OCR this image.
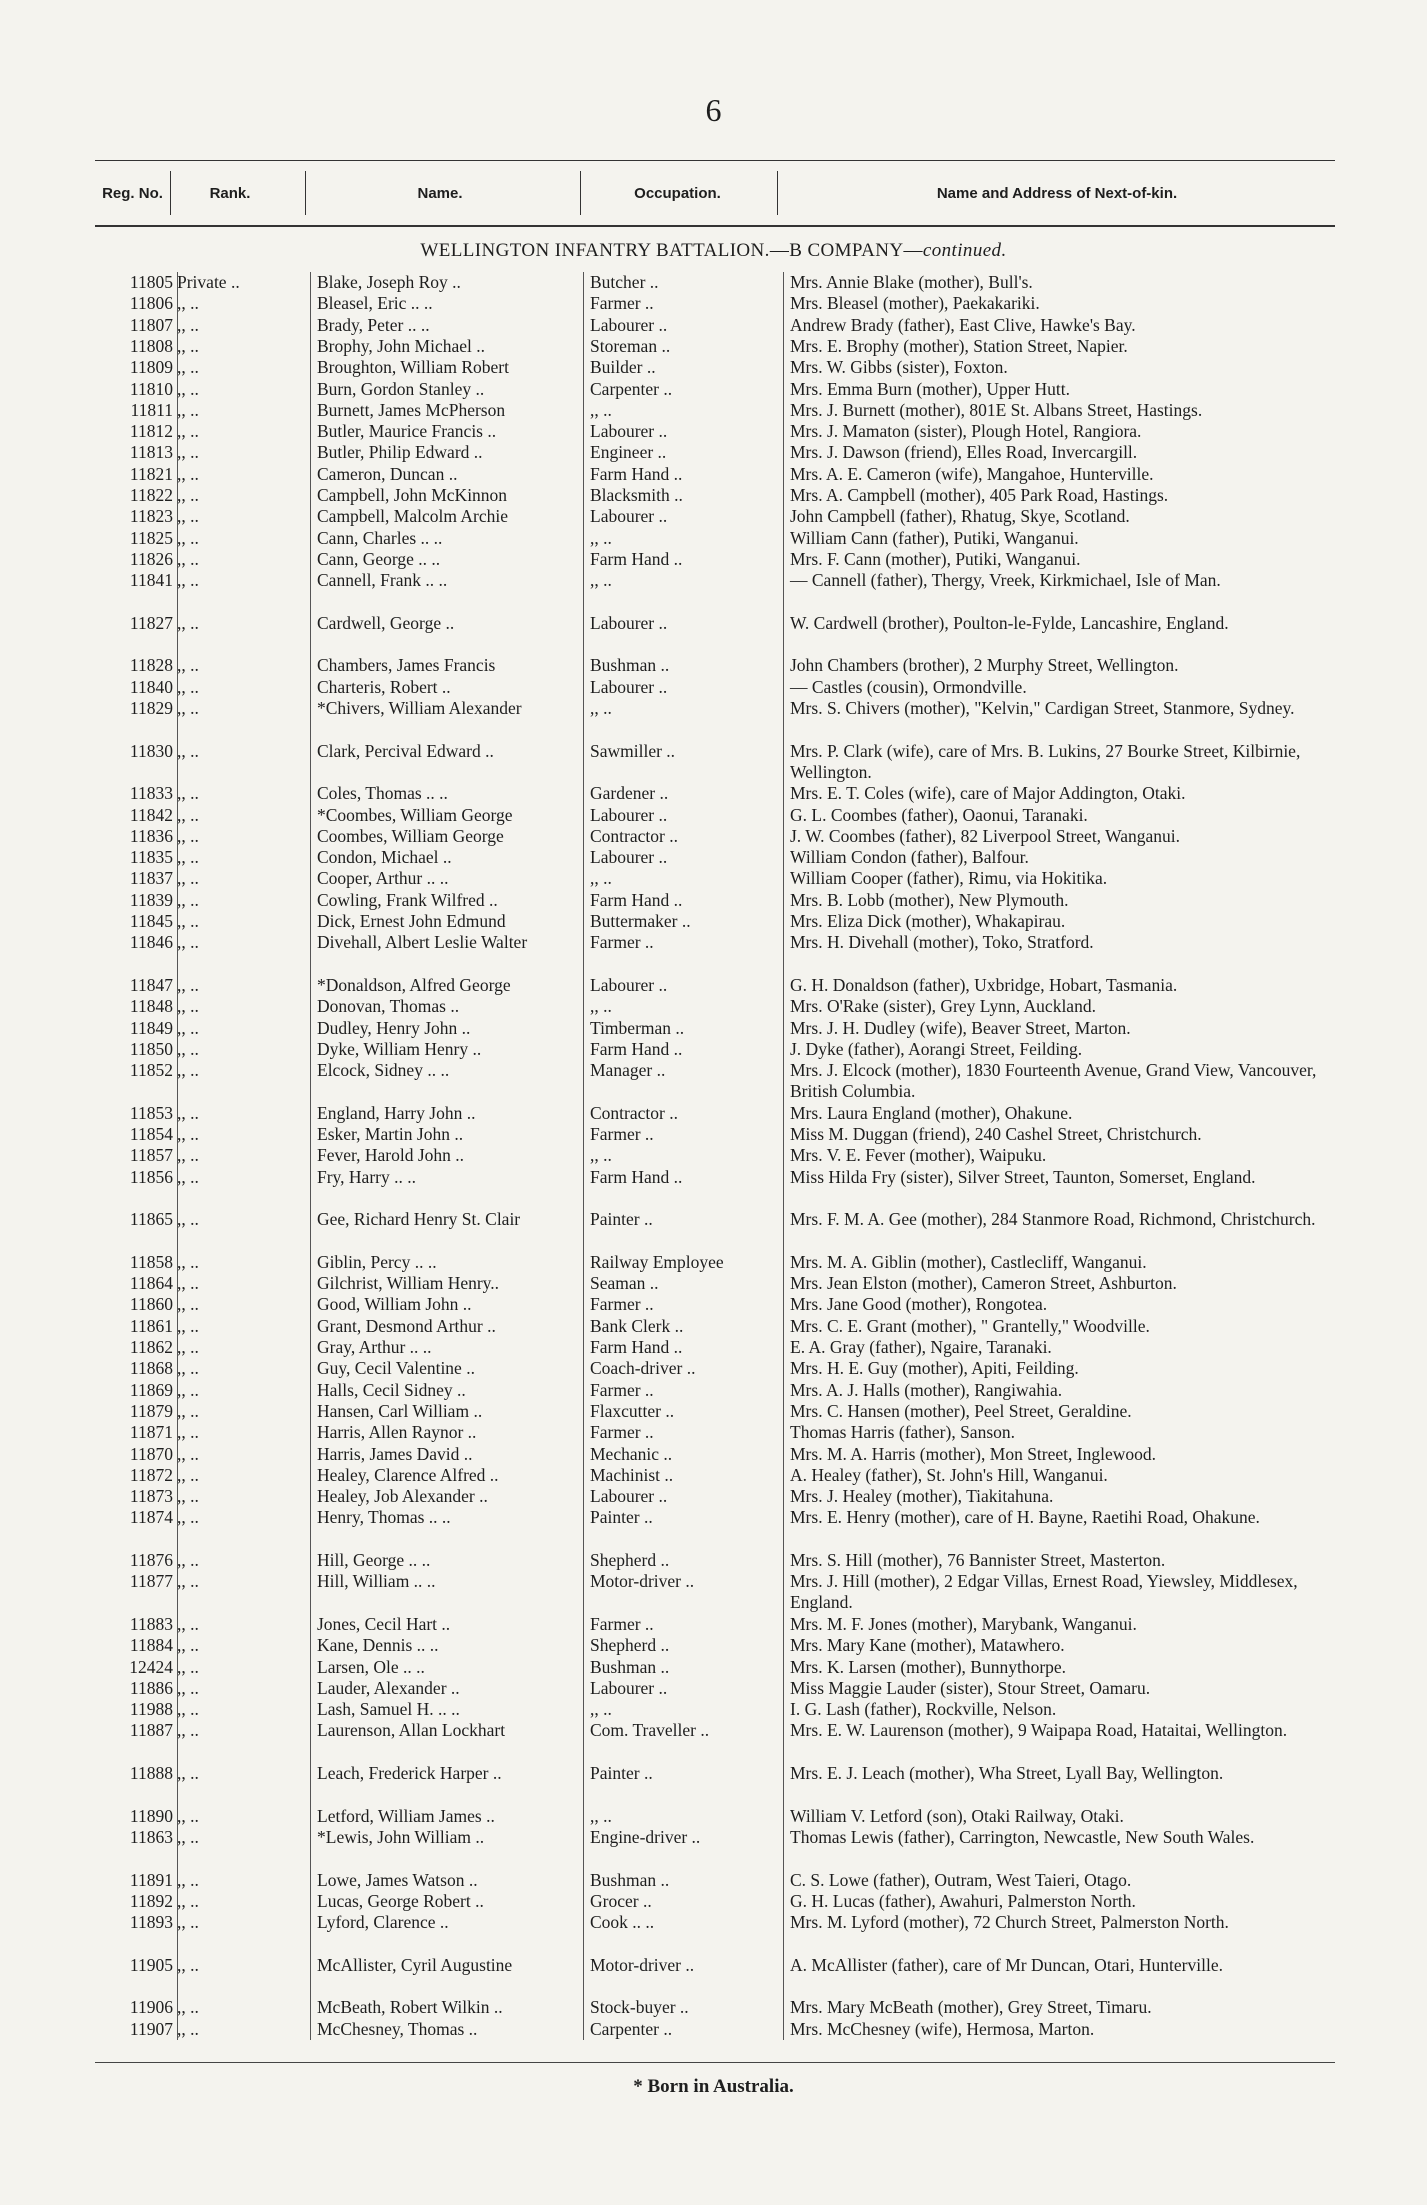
6
Reg. No.	Rank.	Name.	Occupation.	Name and Address of Next-of-kin.
WELLINGTON INFANTRY BATTALION.—B COMPANY—continued.
11805 Private ..	Blake, Joseph Roy ..	Butcher ..	Mrs. Annie Blake (mother), Bull's.
11806 ,, ..	Bleasel, Eric .. ..	Farmer ..	Mrs. Bleasel (mother), Paekakariki.
11807 ,, ..	Brady, Peter .. ..	Labourer ..	Andrew Brady (father), East Clive, Hawke's Bay.
11808 ,, ..	Brophy, John Michael ..	Storeman ..	Mrs. E. Brophy (mother), Station Street, Napier.
11809 ,, ..	Broughton, William Robert	Builder ..	Mrs. W. Gibbs (sister), Foxton.
11810 ,, ..	Burn, Gordon Stanley ..	Carpenter ..	Mrs. Emma Burn (mother), Upper Hutt.
11811 ,, ..	Burnett, James McPherson	,, ..	Mrs. J. Burnett (mother), 801E St. Albans Street, Hastings.
11812 ,, ..	Butler, Maurice Francis ..	Labourer ..	Mrs. J. Mamaton (sister), Plough Hotel, Rangiora.
11813 ,, ..	Butler, Philip Edward ..	Engineer ..	Mrs. J. Dawson (friend), Elles Road, Invercargill.
11821 ,, ..	Cameron, Duncan ..	Farm Hand ..	Mrs. A. E. Cameron (wife), Mangahoe, Hunterville.
11822 ,, ..	Campbell, John McKinnon	Blacksmith ..	Mrs. A. Campbell (mother), 405 Park Road, Hastings.
11823 ,, ..	Campbell, Malcolm Archie	Labourer ..	John Campbell (father), Rhatug, Skye, Scotland.
11825 ,, ..	Cann, Charles .. ..	,, ..	William Cann (father), Putiki, Wanganui.
11826 ,, ..	Cann, George .. ..	Farm Hand ..	Mrs. F. Cann (mother), Putiki, Wanganui.
11841 ,, ..	Cannell, Frank .. ..	,, ..	— Cannell (father), Thergy, Vreek, Kirkmichael, Isle of Man.
11827 ,, ..	Cardwell, George ..	Labourer ..	W. Cardwell (brother), Poulton-le-Fylde, Lancashire, England.
11828 ,, ..	Chambers, James Francis	Bushman ..	John Chambers (brother), 2 Murphy Street, Wellington.
11840 ,, ..	Charteris, Robert ..	Labourer ..	— Castles (cousin), Ormondville.
11829 ,, ..	*Chivers, William Alexander	,, ..	Mrs. S. Chivers (mother), "Kelvin," Cardigan Street, Stanmore, Sydney.
11830 ,, ..	Clark, Percival Edward ..	Sawmiller ..	Mrs. P. Clark (wife), care of Mrs. B. Lukins, 27 Bourke Street, Kilbirnie, Wellington.
11833 ,, ..	Coles, Thomas .. ..	Gardener ..	Mrs. E. T. Coles (wife), care of Major Addington, Otaki.
11842 ,, ..	*Coombes, William George	Labourer ..	G. L. Coombes (father), Oaonui, Taranaki.
11836 ,, ..	Coombes, William George	Contractor ..	J. W. Coombes (father), 82 Liverpool Street, Wanganui.
11835 ,, ..	Condon, Michael ..	Labourer ..	William Condon (father), Balfour.
11837 ,, ..	Cooper, Arthur .. ..	,, ..	William Cooper (father), Rimu, via Hokitika.
11839 ,, ..	Cowling, Frank Wilfred ..	Farm Hand ..	Mrs. B. Lobb (mother), New Plymouth.
11845 ,, ..	Dick, Ernest John Edmund	Buttermaker ..	Mrs. Eliza Dick (mother), Whakapirau.
11846 ,, ..	Divehall, Albert Leslie Walter	Farmer ..	Mrs. H. Divehall (mother), Toko, Stratford.
11847 ,, ..	*Donaldson, Alfred George	Labourer ..	G. H. Donaldson (father), Uxbridge, Hobart, Tasmania.
11848 ,, ..	Donovan, Thomas ..	,, ..	Mrs. O'Rake (sister), Grey Lynn, Auckland.
11849 ,, ..	Dudley, Henry John ..	Timberman ..	Mrs. J. H. Dudley (wife), Beaver Street, Marton.
11850 ,, ..	Dyke, William Henry ..	Farm Hand ..	J. Dyke (father), Aorangi Street, Feilding.
11852 ,, ..	Elcock, Sidney .. ..	Manager ..	Mrs. J. Elcock (mother), 1830 Fourteenth Avenue, Grand View, Vancouver, British Columbia.
11853 ,, ..	England, Harry John ..	Contractor ..	Mrs. Laura England (mother), Ohakune.
11854 ,, ..	Esker, Martin John ..	Farmer ..	Miss M. Duggan (friend), 240 Cashel Street, Christchurch.
11857 ,, ..	Fever, Harold John ..	,, ..	Mrs. V. E. Fever (mother), Waipuku.
11856 ,, ..	Fry, Harry .. ..	Farm Hand ..	Miss Hilda Fry (sister), Silver Street, Taunton, Somerset, England.
11865 ,, ..	Gee, Richard Henry St. Clair	Painter ..	Mrs. F. M. A. Gee (mother), 284 Stanmore Road, Richmond, Christchurch.
11858 ,, ..	Giblin, Percy .. ..	Railway Employee	Mrs. M. A. Giblin (mother), Castlecliff, Wanganui.
11864 ,, ..	Gilchrist, William Henry..	Seaman ..	Mrs. Jean Elston (mother), Cameron Street, Ashburton.
11860 ,, ..	Good, William John ..	Farmer ..	Mrs. Jane Good (mother), Rongotea.
11861 ,, ..	Grant, Desmond Arthur ..	Bank Clerk ..	Mrs. C. E. Grant (mother), " Grantelly," Woodville.
11862 ,, ..	Gray, Arthur .. ..	Farm Hand ..	E. A. Gray (father), Ngaire, Taranaki.
11868 ,, ..	Guy, Cecil Valentine ..	Coach-driver ..	Mrs. H. E. Guy (mother), Apiti, Feilding.
11869 ,, ..	Halls, Cecil Sidney ..	Farmer ..	Mrs. A. J. Halls (mother), Rangiwahia.
11879 ,, ..	Hansen, Carl William ..	Flaxcutter ..	Mrs. C. Hansen (mother), Peel Street, Geraldine.
11871 ,, ..	Harris, Allen Raynor ..	Farmer ..	Thomas Harris (father), Sanson.
11870 ,, ..	Harris, James David ..	Mechanic ..	Mrs. M. A. Harris (mother), Mon Street, Inglewood.
11872 ,, ..	Healey, Clarence Alfred ..	Machinist ..	A. Healey (father), St. John's Hill, Wanganui.
11873 ,, ..	Healey, Job Alexander ..	Labourer ..	Mrs. J. Healey (mother), Tiakitahuna.
11874 ,, ..	Henry, Thomas .. ..	Painter ..	Mrs. E. Henry (mother), care of H. Bayne, Raetihi Road, Ohakune.
11876 ,, ..	Hill, George .. ..	Shepherd ..	Mrs. S. Hill (mother), 76 Bannister Street, Masterton.
11877 ,, ..	Hill, William .. ..	Motor-driver ..	Mrs. J. Hill (mother), 2 Edgar Villas, Ernest Road, Yiewsley, Middlesex, England.
11883 ,, ..	Jones, Cecil Hart ..	Farmer ..	Mrs. M. F. Jones (mother), Marybank, Wanganui.
11884 ,, ..	Kane, Dennis .. ..	Shepherd ..	Mrs. Mary Kane (mother), Matawhero.
12424 ,, ..	Larsen, Ole .. ..	Bushman ..	Mrs. K. Larsen (mother), Bunnythorpe.
11886 ,, ..	Lauder, Alexander ..	Labourer ..	Miss Maggie Lauder (sister), Stour Street, Oamaru.
11988 ,, ..	Lash, Samuel H. .. ..	,, ..	I. G. Lash (father), Rockville, Nelson.
11887 ,, ..	Laurenson, Allan Lockhart	Com. Traveller ..	Mrs. E. W. Laurenson (mother), 9 Waipapa Road, Hataitai, Wellington.
11888 ,, ..	Leach, Frederick Harper ..	Painter ..	Mrs. E. J. Leach (mother), Wha Street, Lyall Bay, Wellington.
11890 ,, ..	Letford, William James ..	,, ..	William V. Letford (son), Otaki Railway, Otaki.
11863 ,, ..	*Lewis, John William ..	Engine-driver ..	Thomas Lewis (father), Carrington, Newcastle, New South Wales.
11891 ,, ..	Lowe, James Watson ..	Bushman ..	C. S. Lowe (father), Outram, West Taieri, Otago.
11892 ,, ..	Lucas, George Robert ..	Grocer ..	G. H. Lucas (father), Awahuri, Palmerston North.
11893 ,, ..	Lyford, Clarence ..	Cook .. ..	Mrs. M. Lyford (mother), 72 Church Street, Palmerston North.
11905 ,, ..	McAllister, Cyril Augustine	Motor-driver ..	A. McAllister (father), care of Mr Duncan, Otari, Hunterville.
11906 ,, ..	McBeath, Robert Wilkin ..	Stock-buyer ..	Mrs. Mary McBeath (mother), Grey Street, Timaru.
11907 ,, ..	McChesney, Thomas ..	Carpenter ..	Mrs. McChesney (wife), Hermosa, Marton.
* Born in Australia.
